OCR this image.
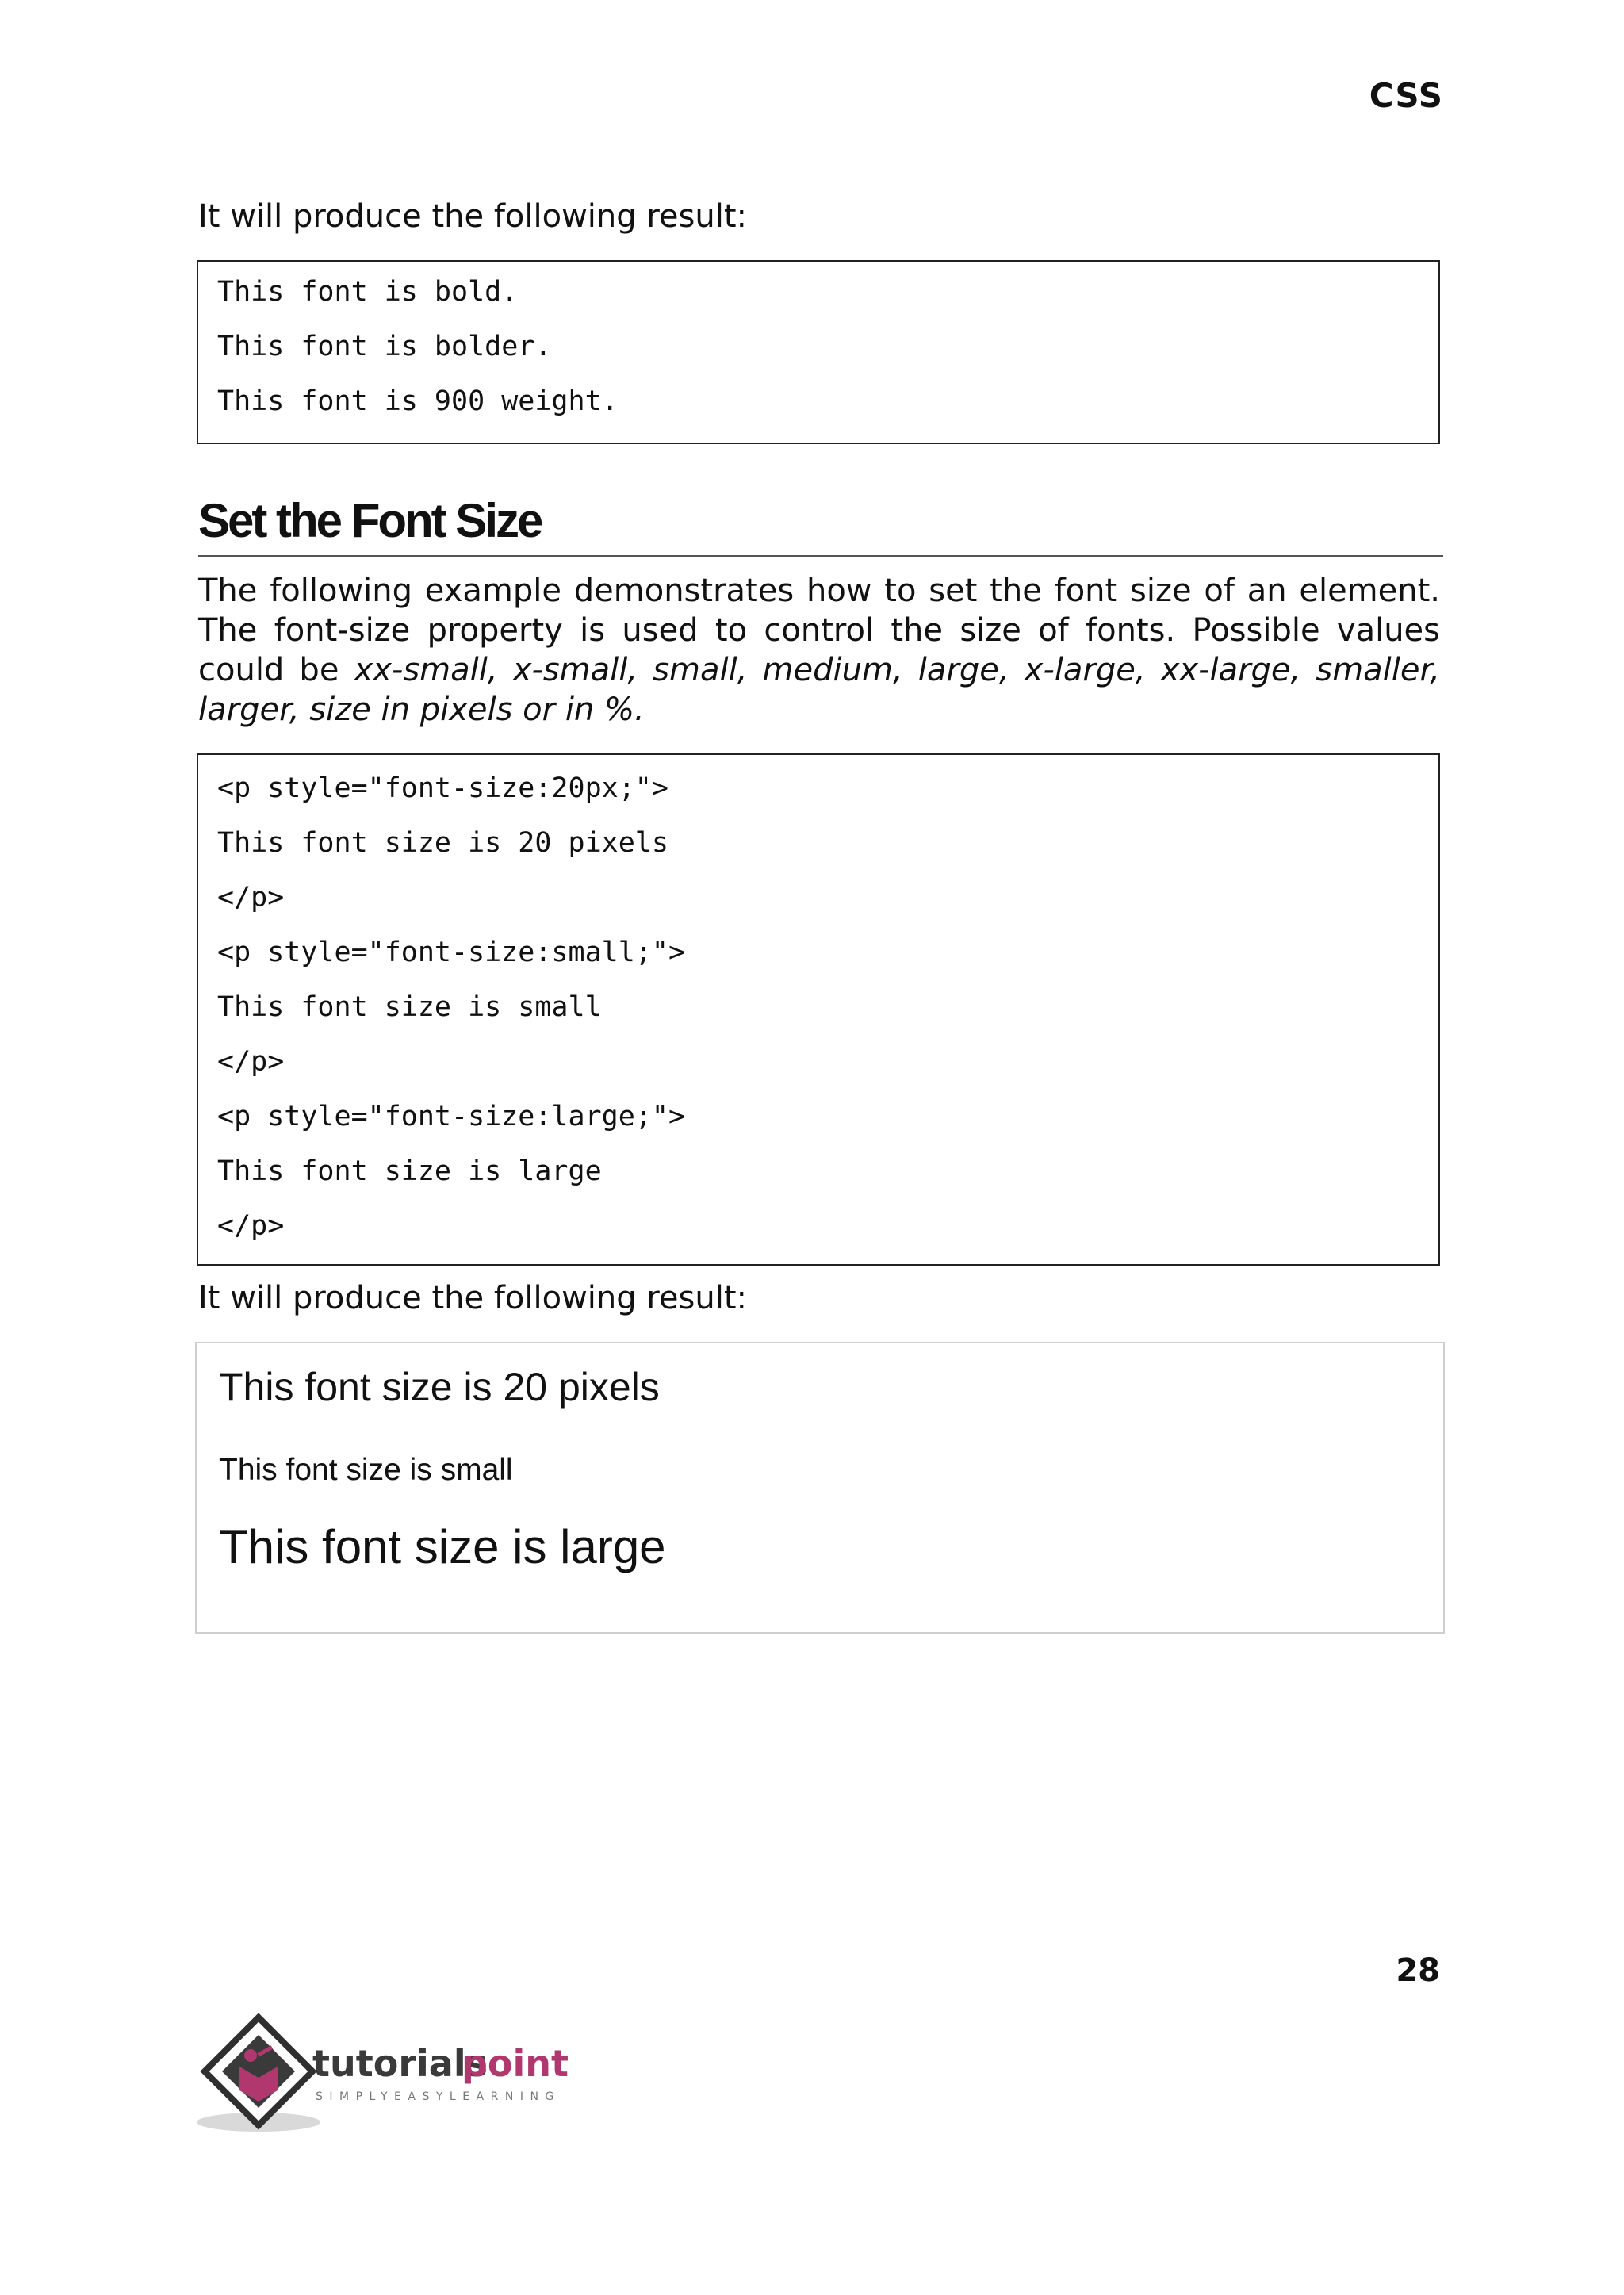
CSS
It will produce the following result:
This font is bold.
This font is bolder.
This font is 900 weight.
Set the Font Size
The following example demonstrates how to set the font size of an element. The font-size property is used to control the size of fonts. Possible values could be xx-small, x-small, small, medium, large, x-large, xx-large, smaller, larger, size in pixels or in %.
<p style="font-size:20px;">
This font size is 20 pixels
</p>
<p style="font-size:small;">
This font size is small
</p>
<p style="font-size:large;">
This font size is large
</p>
It will produce the following result:
This font size is 20 pixels
This font size is small
This font size is large
28
tutorials
point
SIMPLYEASYLEARNING
